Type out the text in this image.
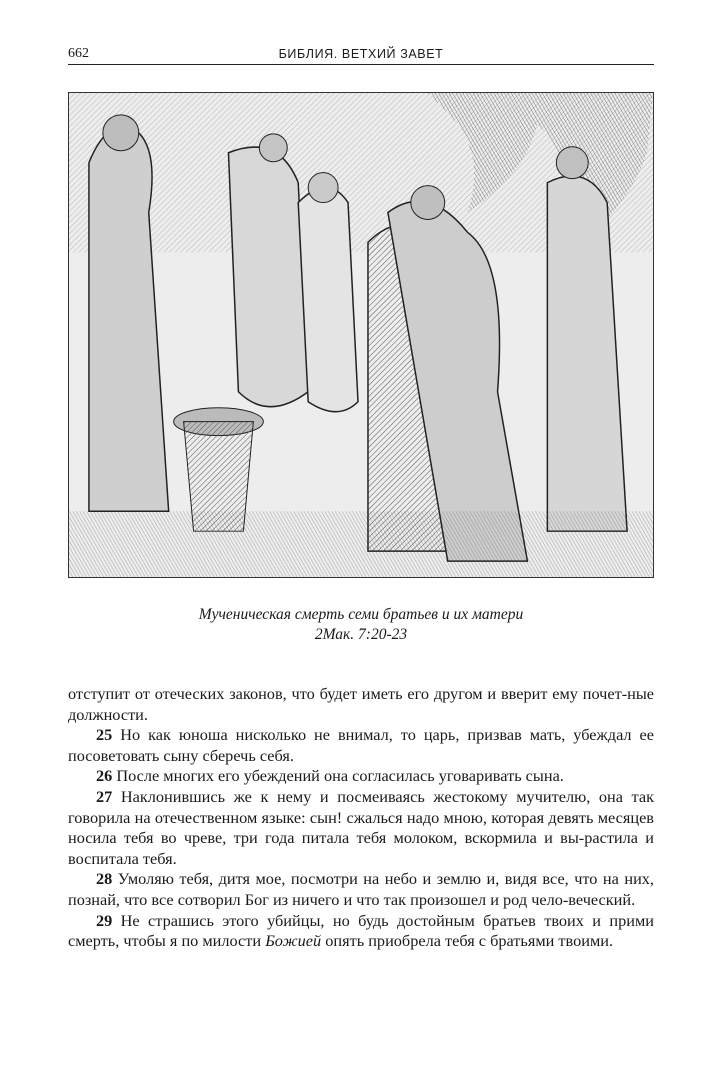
662	БИБЛИЯ. ВЕТХИЙ ЗАВЕТ
Мученическая смерть семи братьев и их матери
2Мак. 7:20-23

отступит от отеческих законов, что будет иметь его другом и вверит ему почет-ные должности.

25 Но как юноша нисколько не внимал, то царь, призвав мать, убеждал ее посоветовать сыну сберечь себя.

26 После многих его убеждений она согласилась уговаривать сына.

27 Наклонившись же к нему и посмеиваясь жестокому мучителю, она так говорила на отечественном языке: сын! сжалься надо мною, которая девять месяцев носила тебя во чреве, три года питала тебя молоком, вскормила и вы-растила и воспитала тебя.

28 Умоляю тебя, дитя мое, посмотри на небо и землю и, видя все, что на них, познай, что все сотворил Бог из ничего и что так произошел и род чело-веческий.

29 Не страшись этого убийцы, но будь достойным братьев твоих и прими смерть, чтобы я по милости Божией опять приобрела тебя с братьями твоими.
